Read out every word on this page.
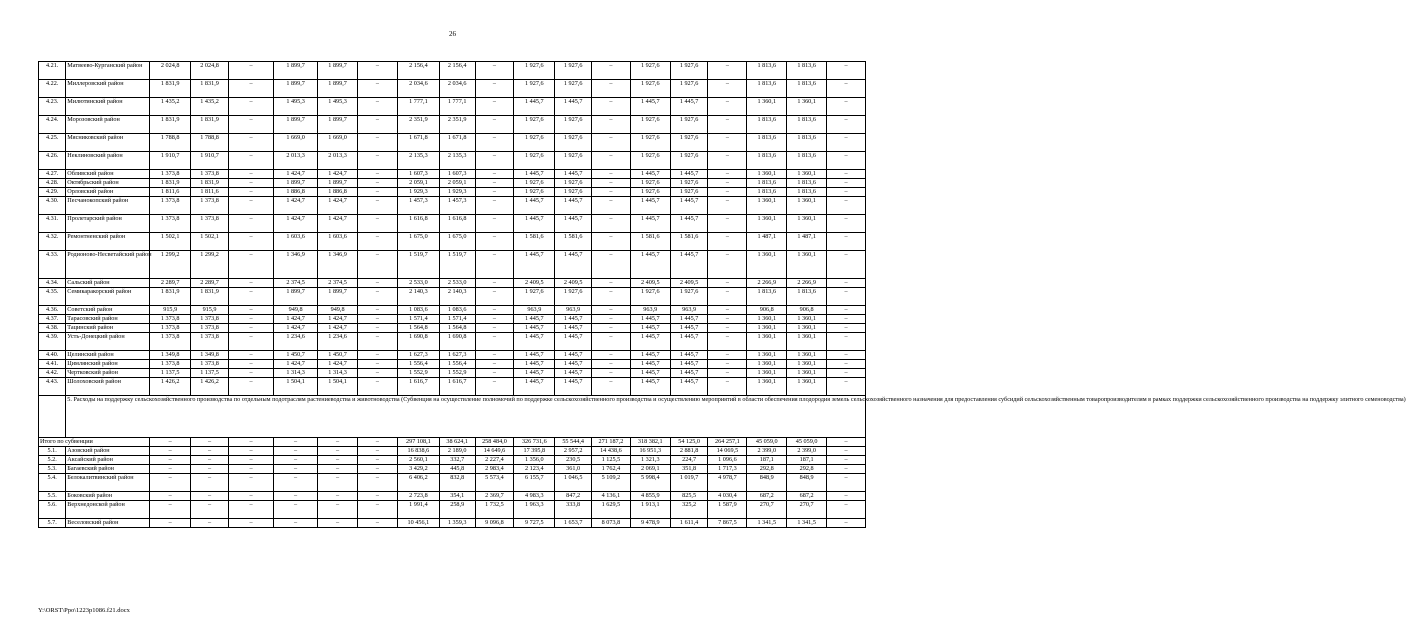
26
4.21.	Матвеево-Курганский район	2 024,8	2 024,8	–	1 899,7	1 899,7	–	2 156,4	2 156,4	–	1 927,6	1 927,6	–	1 927,6	1 927,6	–	1 813,6	1 813,6	–
4.22.	Миллеровский район	1 831,9	1 831,9	–	1 899,7	1 899,7	–	2 034,6	2 034,6	–	1 927,6	1 927,6	–	1 927,6	1 927,6	–	1 813,6	1 813,6	–
4.23.	Милютинский район	1 435,2	1 435,2	–	1 495,3	1 495,3	–	1 777,1	1 777,1	–	1 445,7	1 445,7	–	1 445,7	1 445,7	–	1 360,1	1 360,1	–
4.24.	Морозовский район	1 831,9	1 831,9	–	1 899,7	1 899,7	–	2 351,9	2 351,9	–	1 927,6	1 927,6	–	1 927,6	1 927,6	–	1 813,6	1 813,6	–
4.25.	Мясниковский район	1 788,8	1 788,8	–	1 669,0	1 669,0	–	1 671,8	1 671,8	–	1 927,6	1 927,6	–	1 927,6	1 927,6	–	1 813,6	1 813,6	–
4.26.	Неклиновский район	1 910,7	1 910,7	–	2 013,3	2 013,3	–	2 135,3	2 135,3	–	1 927,6	1 927,6	–	1 927,6	1 927,6	–	1 813,6	1 813,6	–
4.27.	Обливский район	1 373,8	1 373,8	–	1 424,7	1 424,7	–	1 607,3	1 607,3	–	1 445,7	1 445,7	–	1 445,7	1 445,7	–	1 360,1	1 360,1	–
4.28.	Октябрьский район	1 831,9	1 831,9	–	1 899,7	1 899,7	–	2 059,1	2 059,1	–	1 927,6	1 927,6	–	1 927,6	1 927,6	–	1 813,6	1 813,6	–
4.29.	Орловский район	1 811,6	1 811,6	–	1 886,8	1 886,8	–	1 929,3	1 929,3	–	1 927,6	1 927,6	–	1 927,6	1 927,6	–	1 813,6	1 813,6	–
4.30.	Песчанокопский район	1 373,8	1 373,8	–	1 424,7	1 424,7	–	1 457,3	1 457,3	–	1 445,7	1 445,7	–	1 445,7	1 445,7	–	1 360,1	1 360,1	–
4.31.	Пролетарский район	1 373,8	1 373,8	–	1 424,7	1 424,7	–	1 616,8	1 616,8	–	1 445,7	1 445,7	–	1 445,7	1 445,7	–	1 360,1	1 360,1	–
4.32.	Ремонтненский район	1 502,1	1 502,1	–	1 603,6	1 603,6	–	1 675,0	1 675,0	–	1 581,6	1 581,6	–	1 581,6	1 581,6	–	1 487,1	1 487,1	–
4.33.	Родионово-Несветайский район	1 299,2	1 299,2	–	1 346,9	1 346,9	–	1 519,7	1 519,7	–	1 445,7	1 445,7	–	1 445,7	1 445,7	–	1 360,1	1 360,1	–
4.34.	Сальский район	2 289,7	2 289,7	–	2 374,5	2 374,5	–	2 533,0	2 533,0	–	2 409,5	2 409,5	–	2 409,5	2 409,5	–	2 266,9	2 266,9	–
4.35.	Семикаракорский район	1 831,9	1 831,9	–	1 899,7	1 899,7	–	2 140,3	2 140,3	–	1 927,6	1 927,6	–	1 927,6	1 927,6	–	1 813,6	1 813,6	–
4.36.	Советский район	915,9	915,9	–	949,8	949,8	–	1 083,6	1 083,6	–	963,9	963,9	–	963,9	963,9	–	906,8	906,8	–
4.37.	Тарасовский район	1 373,8	1 373,8	–	1 424,7	1 424,7	–	1 571,4	1 571,4	–	1 445,7	1 445,7	–	1 445,7	1 445,7	–	1 360,1	1 360,1	–
4.38.	Тацинский район	1 373,8	1 373,8	–	1 424,7	1 424,7	–	1 564,8	1 564,8	–	1 445,7	1 445,7	–	1 445,7	1 445,7	–	1 360,1	1 360,1	–
4.39.	Усть-Донецкий район	1 373,8	1 373,8	–	1 234,6	1 234,6	–	1 690,8	1 690,8	–	1 445,7	1 445,7	–	1 445,7	1 445,7	–	1 360,1	1 360,1	–
4.40.	Целинский район	1 349,8	1 349,8	–	1 450,7	1 450,7	–	1 627,3	1 627,3	–	1 445,7	1 445,7	–	1 445,7	1 445,7	–	1 360,1	1 360,1	–
4.41.	Цимлянский район	1 373,8	1 373,8	–	1 424,7	1 424,7	–	1 556,4	1 556,4	–	1 445,7	1 445,7	–	1 445,7	1 445,7	–	1 360,1	1 360,1	–
4.42.	Чертковский район	1 137,5	1 137,5	–	1 314,3	1 314,3	–	1 552,9	1 552,9	–	1 445,7	1 445,7	–	1 445,7	1 445,7	–	1 360,1	1 360,1	–
4.43.	Шолоховский район	1 426,2	1 426,2	–	1 504,1	1 504,1	–	1 616,7	1 616,7	–	1 445,7	1 445,7	–	1 445,7	1 445,7	–	1 360,1	1 360,1	–
	5. Расходы на поддержку сельскохозяйственного производства по отдельным подотраслям растениеводства и животноводства (Субвенция на осуществление полномочий по поддержке сельскохозяйственного производства и осуществлению мероприятий в области обеспечения плодородия земель сельскохозяйственного назначения для предоставления субсидий сельскохозяйственным товаропроизводителям в рамках поддержки сельскохозяйственного производства на поддержку элитного семеноводства)																		
Итого по субвенции		–	–	–	–	–	–	297 108,1	38 624,1	258 484,0	326 731,6	55 544,4	271 187,2	318 382,1	54 125,0	264 257,1	45 059,0	45 059,0	–
5.1.	Азовский район	–	–	–	–	–	–	16 838,6	2 189,0	14 649,6	17 395,8	2 957,2	14 438,6	16 951,3	2 881,8	14 069,5	2 399,0	2 399,0	–
5.2.	Аксайский район	–	–	–	–	–	–	2 560,1	332,7	2 227,4	1 356,0	230,5	1 125,5	1 321,3	224,7	1 096,6	187,1	187,1	–
5.3.	Багаевский район	–	–	–	–	–	–	3 429,2	445,8	2 983,4	2 123,4	361,0	1 762,4	2 069,1	351,8	1 717,3	292,8	292,8	–
5.4.	Белокалитвинский район	–	–	–	–	–	–	6 406,2	832,8	5 573,4	6 155,7	1 046,5	5 109,2	5 998,4	1 019,7	4 978,7	848,9	848,9	–
5.5.	Боковский район	–	–	–	–	–	–	2 723,8	354,1	2 369,7	4 983,3	847,2	4 136,1	4 855,9	825,5	4 030,4	687,2	687,2	–
5.6.	Верхнедонской район	–	–	–	–	–	–	1 991,4	258,9	1 732,5	1 963,3	333,8	1 629,5	1 913,1	325,2	1 587,9	270,7	270,7	–
5.7.	Веселовский район	–	–	–	–	–	–	10 456,1	1 359,3	9 096,8	9 727,5	1 653,7	8 073,8	9 478,9	1 611,4	7 867,5	1 341,5	1 341,5	–
Y:\ORST\Ppo\1223p1086.f21.docx
